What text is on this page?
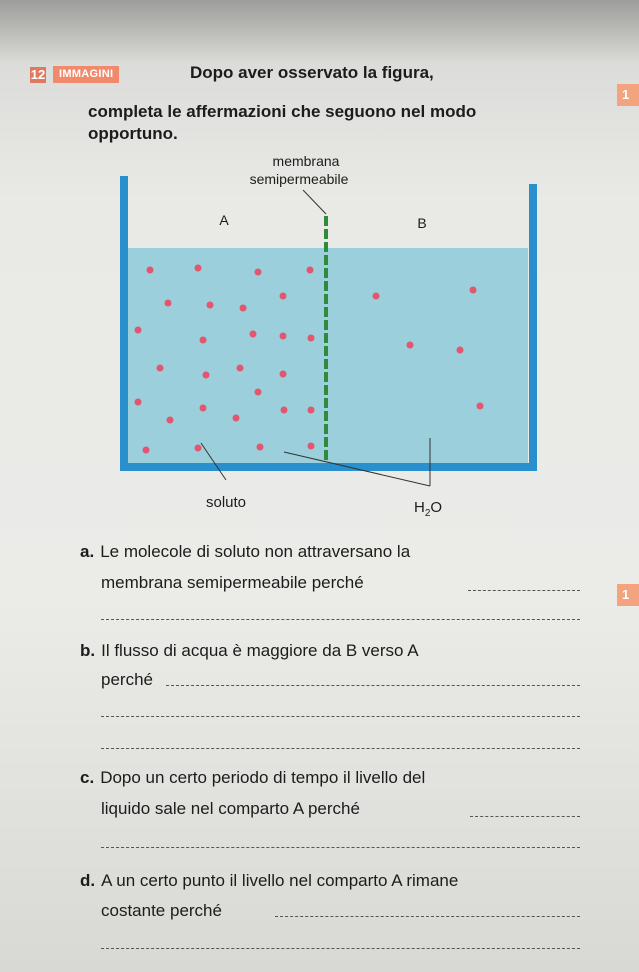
12	IMMAGINI	Dopo aver osservato la figura,
completa le affermazioni che seguono nel modo
opportuno.
1
1
membrana
semipermeabile
A	B
soluto	$H_2O$
a. Le molecole di soluto non attraversano la
membrana semipermeabile perché
b. Il flusso di acqua è maggiore da B verso A
perché
c. Dopo un certo periodo di tempo il livello del
liquido sale nel comparto A perché
d. A un certo punto il livello nel comparto A rimane
costante perché
